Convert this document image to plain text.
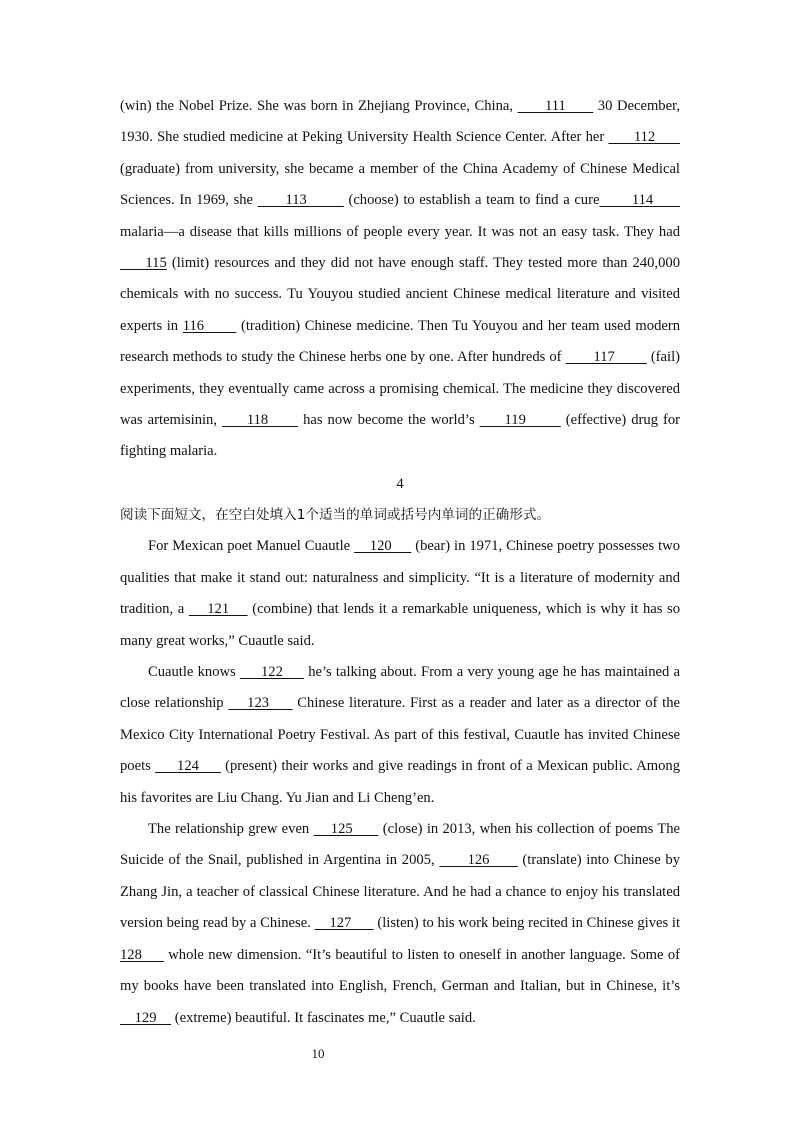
(win) the Nobel Prize. She was born in Zhejiang Province, China,       111       30 December, 1930. She studied medicine at Peking University Health Science Center. After her       112       (graduate) from university, she became a member of the China Academy of Chinese Medical Sciences. In 1969, she       113         (choose) to establish a team to find a cure       114       malaria—a disease that kills millions of people every year. It was not an easy task. They had     115 (limit) resources and they did not have enough staff. They tested more than 240,000 chemicals with no success. Tu Youyou studied ancient Chinese medical literature and visited experts in 116        (tradition) Chinese medicine. Then Tu Youyou and her team used modern research methods to study the Chinese herbs one by one. After hundreds of        117         (fail) experiments, they eventually came across a promising chemical. The medicine they discovered was artemisinin,      118       has now become the world’s      119        (effective) drug for fighting malaria.
4
阅读下面短文，在空白处填入1个适当的单词或括号内单词的正确形式。
For Mexican poet Manuel Cuautle     120      (bear) in 1971, Chinese poetry possesses two qualities that make it stand out: naturalness and simplicity. “It is a literature of modernity and tradition, a     121     (combine) that lends it a remarkable uniqueness, which is why it has so many great works,” Cuautle said.
Cuautle knows      122      he’s talking about. From a very young age he has maintained a close relationship     123      Chinese literature. First as a reader and later as a director of the Mexico City International Poetry Festival. As part of this festival, Cuautle has invited Chinese poets      124      (present) their works and give readings in front of a Mexican public. Among his favorites are Liu Chang. Yu Jian and Li Cheng’en.
The relationship grew even     125       (close) in 2013, when his collection of poems The Suicide of the Snail, published in Argentina in 2005,       126       (translate) into Chinese by Zhang Jin, a teacher of classical Chinese literature. And he had a chance to enjoy his translated version being read by a Chinese.     127       (listen) to his work being recited in Chinese gives it 128      whole new dimension. “It’s beautiful to listen to oneself in another language. Some of my books have been translated into English, French, German and Italian, but in Chinese, it’s     129     (extreme) beautiful. It fascinates me,” Cuautle said.
10
